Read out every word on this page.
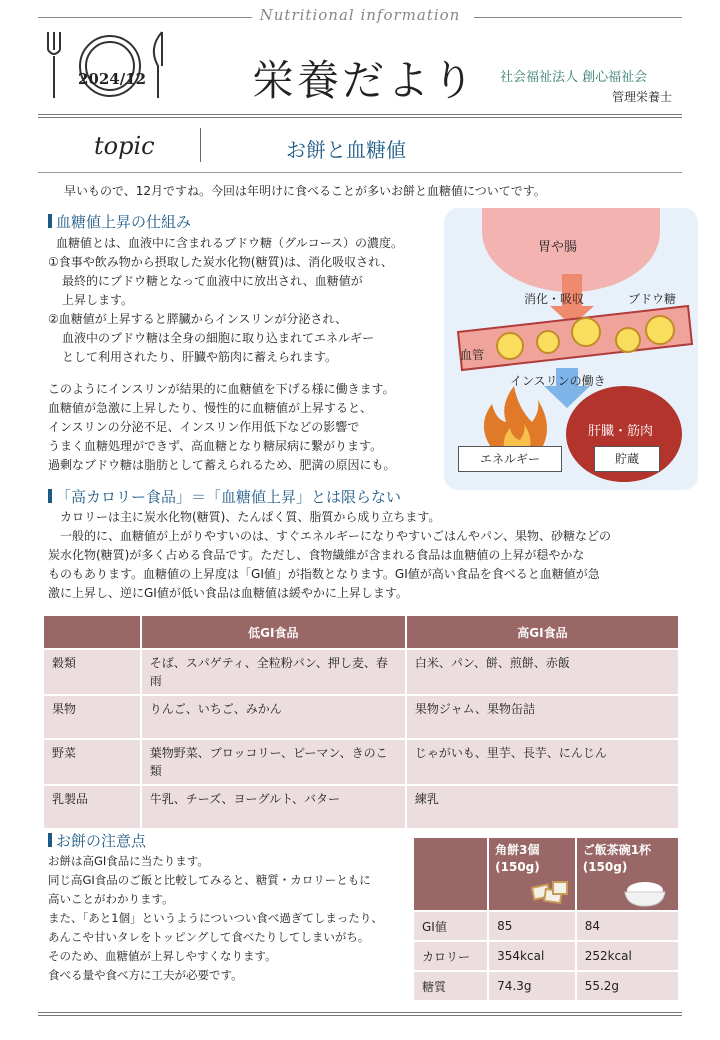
Nutritional information
2024/12	栄養だより 社会福祉法人 創心福祉会
管理栄養士
topic	お餅と血糖値
早いもので、12月ですね。今回は年明けに食べることが多いお餅と血糖値についてです。
血糖値上昇の仕組み
血糖値とは、血液中に含まれるブドウ糖（グルコース）の濃度。
①食事や飲み物から摂取した炭水化物(糖質)は、消化吸収され、
最終的にブドウ糖となって血液中に放出され、血糖値が
上昇します。
②血糖値が上昇すると膵臓からインスリンが分泌され、
血液中のブドウ糖は全身の細胞に取り込まれてエネルギー
として利用されたり、肝臓や筋肉に蓄えられます。
このようにインスリンが結果的に血糖値を下げる様に働きます。
血糖値が急激に上昇したり、慢性的に血糖値が上昇すると、
インスリンの分泌不足、インスリン作用低下などの影響で
うまく血糖処理ができず、高血糖となり糖尿病に繋がります。
過剰なブドウ糖は脂肪として蓄えられるため、肥満の原因にも。
胃や腸
消化・吸収	ブドウ糖
血管
インスリンの働き
肝臓・筋肉
エネルギー	貯蔵
「高カロリー食品」＝「血糖値上昇」とは限らない
カロリーは主に炭水化物(糖質)、たんぱく質、脂質から成り立ちます。
一般的に、血糖値が上がりやすいのは、すぐエネルギーになりやすいごはんやパン、果物、砂糖などの
炭水化物(糖質)が多く占める食品です。ただし、食物繊維が含まれる食品は血糖値の上昇が穏やかな
ものもあります。血糖値の上昇度は「GI値」が指数となります。GI値が高い食品を食べると血糖値が急
激に上昇し、逆にGI値が低い食品は血糖値は緩やかに上昇します。
	低GI食品	高GI食品
穀類	そば、スパゲティ、全粒粉パン、押し麦、春雨	白米、パン、餅、煎餅、赤飯
果物	りんご、いちご、みかん	果物ジャム、果物缶詰
野菜	葉物野菜、ブロッコリー、ピーマン、きのこ類	じゃがいも、里芋、長芋、にんじん
乳製品	牛乳、チーズ、ヨーグルト、バター	練乳
お餅の注意点
お餅は高GI食品に当たります。
同じ高GI食品のご飯と比較してみると、糖質・カロリーともに
高いことがわかります。
また、「あと1個」というようについつい食べ過ぎてしまったり、
あんこや甘いタレをトッピングして食べたりしてしまいがち。
そのため、血糖値が上昇しやすくなります。
食べる量や食べ方に工夫が必要です。
	角餅3個(150g)	ご飯茶碗1杯(150g)

GI値	85	84
カロリー	354kcal	252kcal
糖質	74.3g	55.2g
